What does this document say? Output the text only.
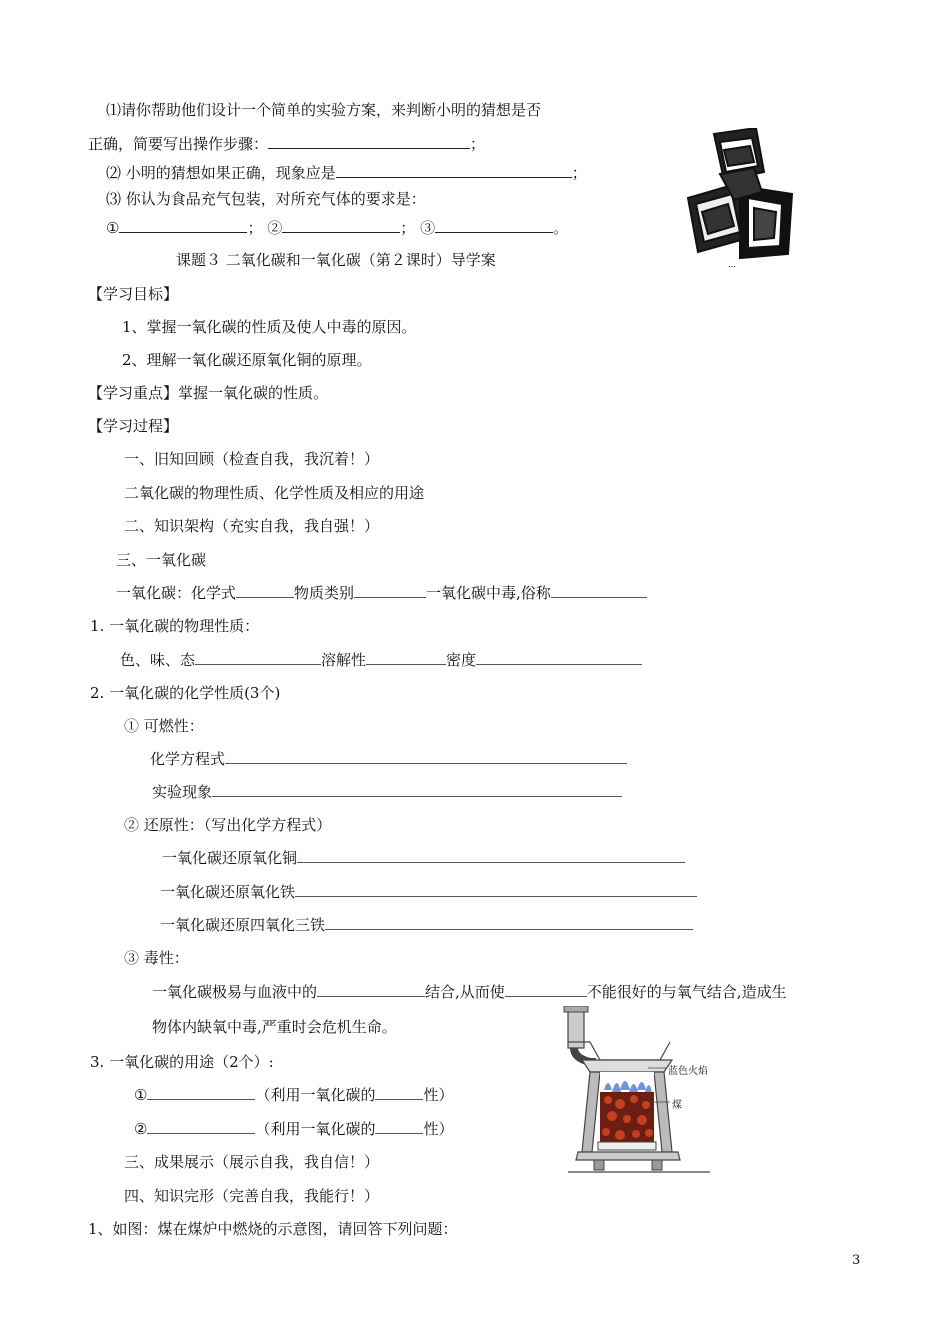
⑴请你帮助他们设计一个简单的实验方案，来判断小明的猜想是否
正确，简要写出操作步骤：	；
⑵ 小明的猜想如果正确，现象应是	；
⑶ 你认为食品充气包装，对所充气体的要求是：
①	； ②	； ③	。
...
课题３ 二氧化碳和一氧化碳（第２课时）导学案
【学习目标】
1、掌握一氧化碳的性质及使人中毒的原因。
2、理解一氧化碳还原氧化铜的原理。
【学习重点】掌握一氧化碳的性质。
【学习过程】
一、旧知回顾（检查自我，我沉着！）
二氧化碳的物理性质、化学性质及相应的用途
二、知识架构（充实自我，我自强！）
三、一氧化碳
一氧化碳：化学式	物质类别	一氧化碳中毒,俗称
1. 一氧化碳的物理性质：
色、味、态	溶解性	密度
2. 一氧化碳的化学性质(3个)
① 可燃性：
化学方程式
实验现象
② 还原性：（写出化学方程式）
一氧化碳还原氧化铜
一氧化碳还原氧化铁
一氧化碳还原四氧化三铁
③ 毒性：
一氧化碳极易与血液中的	结合,从而使	不能很好的与氧气结合,造成生
物体内缺氧中毒,严重时会危机生命。
3. 一氧化碳的用途（2个）:
①	（利用一氧化碳的	性）
②	（利用一氧化碳的	性）
三、成果展示（展示自我，我自信！）
四、知识完形（完善自我，我能行！）
1、如图：煤在煤炉中燃烧的示意图，请回答下列问题：
蓝色火焰
煤
3
